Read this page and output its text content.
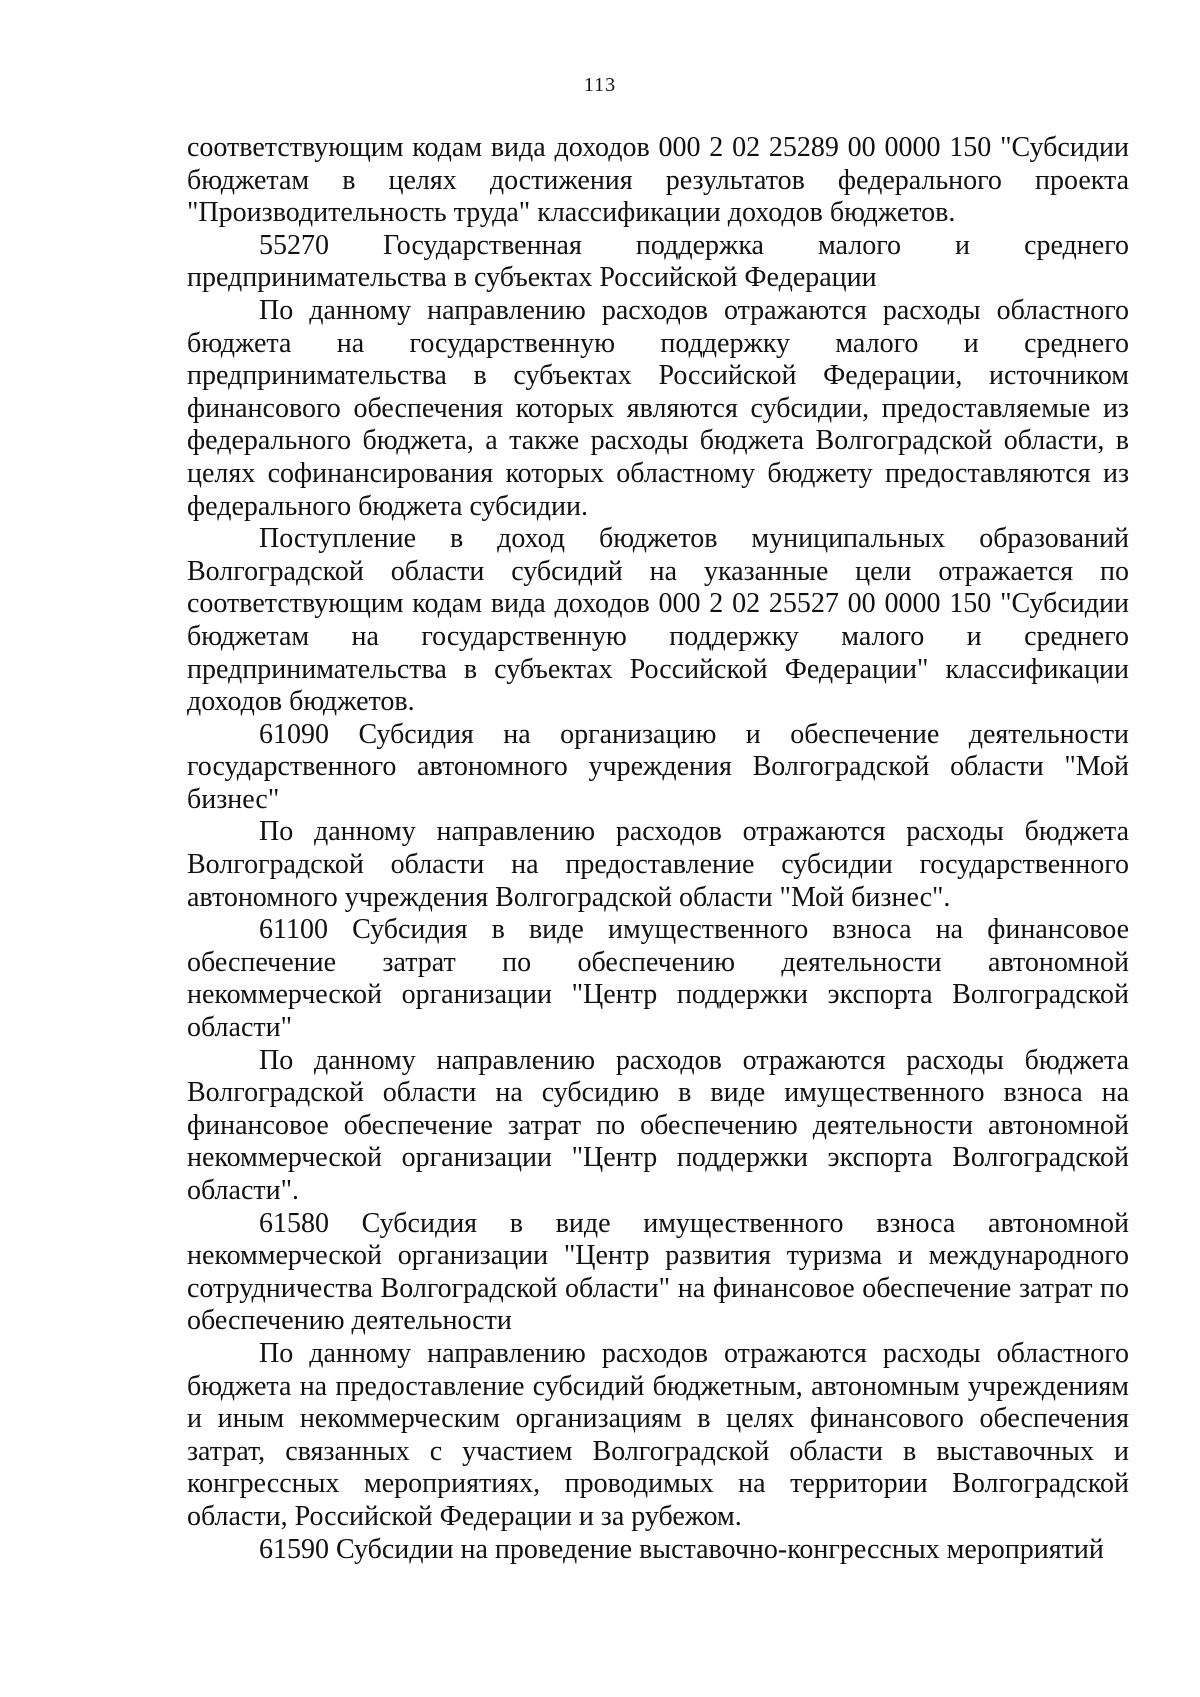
113

соответствующим кодам вида доходов 000 2 02 25289 00 0000 150 "Субсидии бюджетам в целях достижения результатов федерального проекта "Производительность труда" классификации доходов бюджетов.

55270 Государственная поддержка малого и среднего предпринимательства в субъектах Российской Федерации

По данному направлению расходов отражаются расходы областного бюджета на государственную поддержку малого и среднего предпринимательства в субъектах Российской Федерации, источником финансового обеспечения которых являются субсидии, предоставляемые из федерального бюджета, а также расходы бюджета Волгоградской области, в целях софинансирования которых областному бюджету предоставляются из федерального бюджета субсидии.

Поступление в доход бюджетов муниципальных образований Волгоградской области субсидий на указанные цели отражается по соответствующим кодам вида доходов 000 2 02 25527 00 0000 150 "Субсидии бюджетам на государственную поддержку малого и среднего предпринимательства в субъектах Российской Федерации" классификации доходов бюджетов.

61090 Субсидия на организацию и обеспечение деятельности государственного автономного учреждения Волгоградской области "Мой бизнес"

По данному направлению расходов отражаются расходы бюджета Волгоградской области на предоставление субсидии государственного автономного учреждения Волгоградской области "Мой бизнес".

61100 Субсидия в виде имущественного взноса на финансовое обеспечение затрат по обеспечению деятельности автономной некоммерческой организации "Центр поддержки экспорта Волгоградской области"

По данному направлению расходов отражаются расходы бюджета Волгоградской области на субсидию в виде имущественного взноса на финансовое обеспечение затрат по обеспечению деятельности автономной некоммерческой организации "Центр поддержки экспорта Волгоградской области".

61580 Субсидия в виде имущественного взноса автономной некоммерческой организации "Центр развития туризма и международного сотрудничества Волгоградской области" на финансовое обеспечение затрат по обеспечению деятельности

По данному направлению расходов отражаются расходы областного бюджета на предоставление субсидий бюджетным, автономным учреждениям и иным некоммерческим организациям в целях финансового обеспечения затрат, связанных с участием Волгоградской области в выставочных и конгрессных мероприятиях, проводимых на территории Волгоградской области, Российской Федерации и за рубежом.

61590 Субсидии на проведение выставочно-конгрессных мероприятий
